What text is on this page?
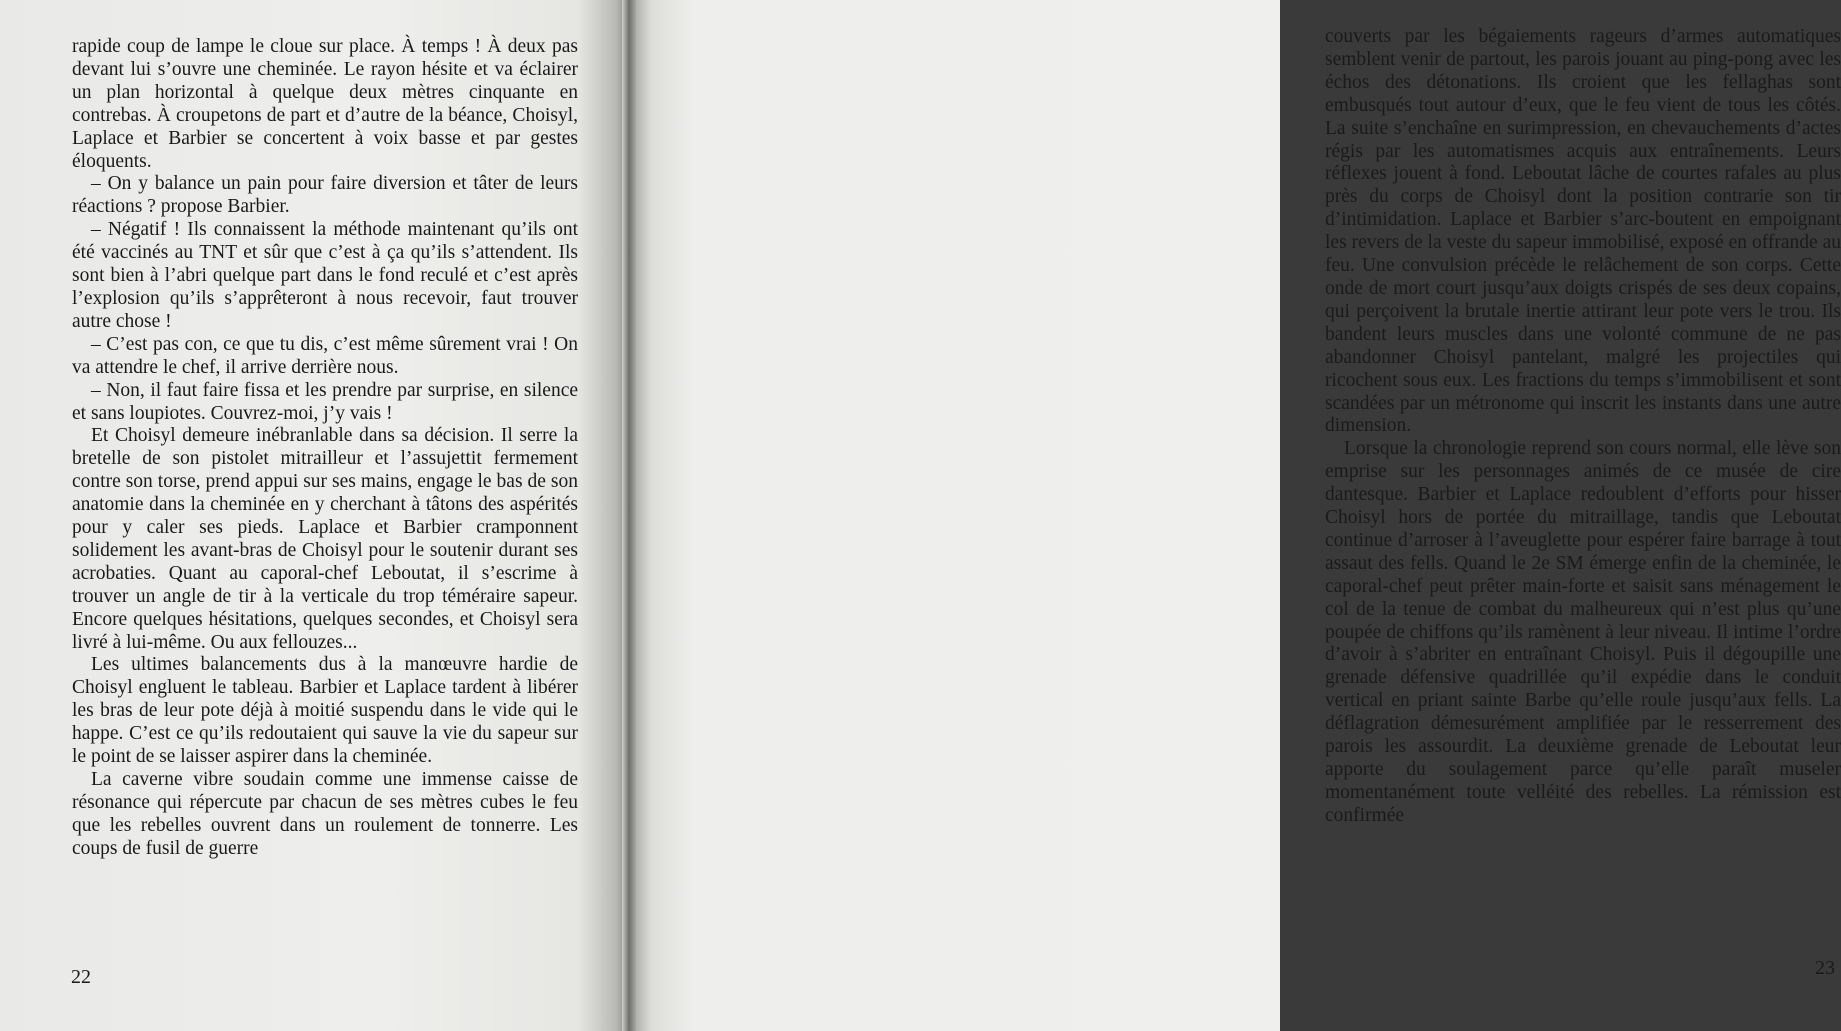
rapide coup de lampe le cloue sur place. À temps ! À deux pas devant lui s’ouvre une cheminée. Le rayon hésite et va éclairer un plan horizontal à quelque deux mètres cinquante en contrebas. À croupetons de part et d’autre de la béance, Choisyl, Laplace et Barbier se concertent à voix basse et par gestes éloquents.

– On y balance un pain pour faire diversion et tâter de leurs réactions ? propose Barbier.

– Négatif ! Ils connaissent la méthode maintenant qu’ils ont été vaccinés au TNT et sûr que c’est à ça qu’ils s’attendent. Ils sont bien à l’abri quelque part dans le fond reculé et c’est après l’explosion qu’ils s’apprêteront à nous recevoir, faut trouver autre chose !

– C’est pas con, ce que tu dis, c’est même sûrement vrai ! On va attendre le chef, il arrive derrière nous.

– Non, il faut faire fissa et les prendre par surprise, en silence et sans loupiotes. Couvrez-moi, j’y vais !

Et Choisyl demeure inébranlable dans sa décision. Il serre la bretelle de son pistolet mitrailleur et l’assujettit fermement contre son torse, prend appui sur ses mains, engage le bas de son anatomie dans la cheminée en y cherchant à tâtons des aspérités pour y caler ses pieds. Laplace et Barbier cramponnent solidement les avant-bras de Choisyl pour le soutenir durant ses acrobaties. Quant au caporal-chef Leboutat, il s’escrime à trouver un angle de tir à la verticale du trop téméraire sapeur. Encore quelques hésitations, quelques secondes, et Choisyl sera livré à lui-même. Ou aux fellouzes...

Les ultimes balancements dus à la manœuvre hardie de Choisyl engluent le tableau. Barbier et Laplace tardent à libérer les bras de leur pote déjà à moitié suspendu dans le vide qui le happe. C’est ce qu’ils redoutaient qui sauve la vie du sapeur sur le point de se laisser aspirer dans la cheminée.

La caverne vibre soudain comme une immense caisse de résonance qui répercute par chacun de ses mètres cubes le feu que les rebelles ouvrent dans un roulement de tonnerre. Les coups de fusil de guerre

22

couverts par les bégaiements rageurs d’armes automatiques semblent venir de partout, les parois jouant au ping-pong avec les échos des détonations. Ils croient que les fellaghas sont embusqués tout autour d’eux, que le feu vient de tous les côtés. La suite s’enchaîne en surimpression, en chevauchements d’actes régis par les automatismes acquis aux entraînements. Leurs réflexes jouent à fond. Leboutat lâche de courtes rafales au plus près du corps de Choisyl dont la position contrarie son tir d’intimidation. Laplace et Barbier s’arc-boutent en empoignant les revers de la veste du sapeur immobilisé, exposé en offrande au feu. Une convulsion précède le relâchement de son corps. Cette onde de mort court jusqu’aux doigts crispés de ses deux copains, qui perçoivent la brutale inertie attirant leur pote vers le trou. Ils bandent leurs muscles dans une volonté commune de ne pas abandonner Choisyl pantelant, malgré les projectiles qui ricochent sous eux. Les fractions du temps s’immobilisent et sont scandées par un métronome qui inscrit les instants dans une autre dimension.

Lorsque la chronologie reprend son cours normal, elle lève son emprise sur les personnages animés de ce musée de cire dantesque. Barbier et Laplace redoublent d’efforts pour hisser Choisyl hors de portée du mitraillage, tandis que Leboutat continue d’arroser à l’aveuglette pour espérer faire barrage à tout assaut des fells. Quand le 2e SM émerge enfin de la cheminée, le caporal-chef peut prêter main-forte et saisit sans ménagement le col de la tenue de combat du malheureux qui n’est plus qu’une poupée de chiffons qu’ils ramènent à leur niveau. Il intime l’ordre d’avoir à s’abriter en entraînant Choisyl. Puis il dégoupille une grenade défensive quadrillée qu’il expédie dans le conduit vertical en priant sainte Barbe qu’elle roule jusqu’aux fells. La déflagration démesurément amplifiée par le resserrement des parois les assourdit. La deuxième grenade de Leboutat leur apporte du soulagement parce qu’elle paraît museler momentanément toute velléité des rebelles. La rémission est confirmée

23
